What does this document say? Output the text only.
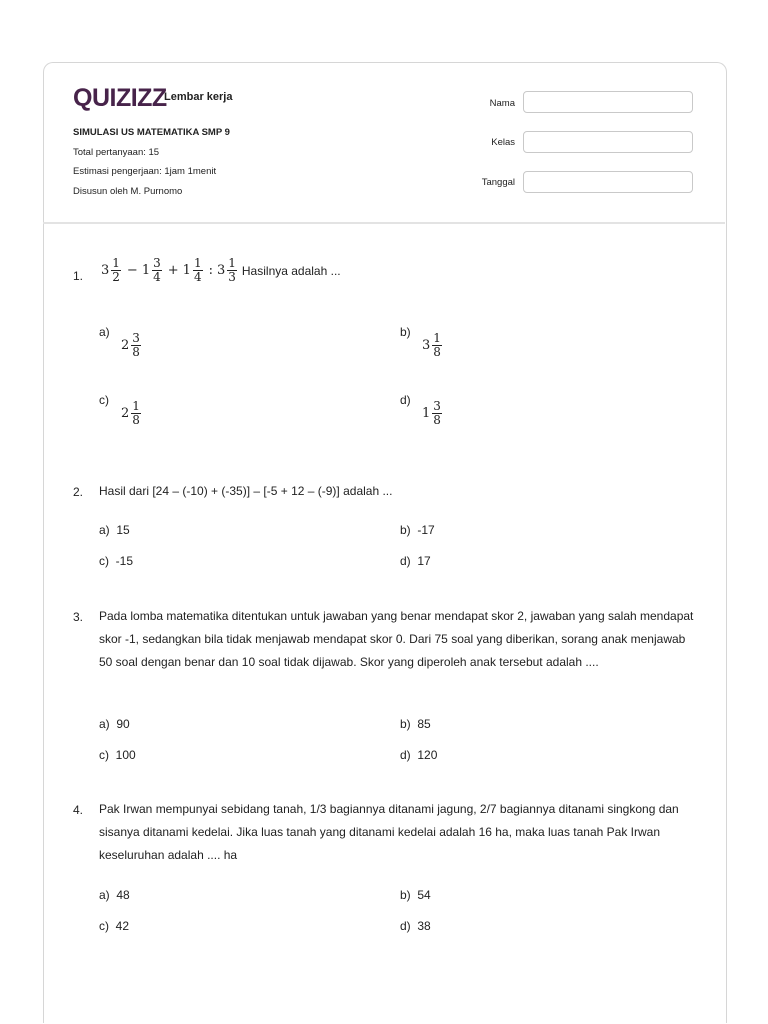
QUIZIZZ
Lembar kerja
SIMULASI US MATEMATIKA SMP 9
Total pertanyaan: 15
Estimasi pengerjaan: 1jam 1menit
Disusun oleh M. Purnomo
Nama
Kelas
Tanggal
1. $3 \frac{1}{2} - 1 \frac{3}{4} + 1 \frac{1}{4}$ : $3 \frac{1}{3}$ Hasilnya adalah ...
a)
$2 \frac{3}{8}$	b)
$3 \frac{1}{8}$
c)
$2 \frac{1}{8}$	d)
$1 \frac{3}{8}$
2. Hasil dari [24 – (-10) + (-35)] – [-5 + 12 – (-9)] adalah ...
a) 15	b) -17
c) -15	d) 17
3. Pada lomba matematika ditentukan untuk jawaban yang benar mendapat skor 2, jawaban yang salah mendapat skor -1, sedangkan bila tidak menjawab mendapat skor 0. Dari 75 soal yang diberikan, sorang anak menjawab 50 soal dengan benar dan 10 soal tidak dijawab. Skor yang diperoleh anak tersebut adalah ....
a) 90	b) 85
c) 100	d) 120
4. Pak Irwan mempunyai sebidang tanah, 1/3 bagiannya ditanami jagung, 2/7 bagiannya ditanami singkong dan sisanya ditanami kedelai. Jika luas tanah yang ditanami kedelai adalah 16 ha, maka luas tanah Pak Irwan keseluruhan adalah .... ha
a) 48	b) 54
c) 42	d) 38
